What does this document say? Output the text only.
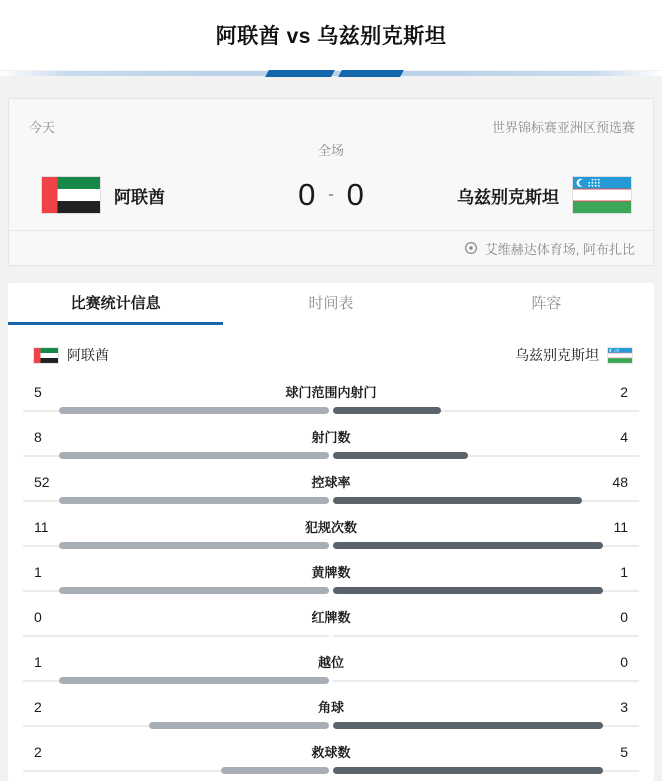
阿联酋 vs 乌兹别克斯坦
今天	世界锦标赛亚洲区预选赛
全场
阿联酋	0 - 0	乌兹别克斯坦
艾维赫达体育场, 阿布扎比
比赛统计信息	时间表	阵容
阿联酋	乌兹别克斯坦
球门范围内射门
5	2
射门数
8	4
控球率
52	48
犯规次数
11	11
黄牌数
1	1
红牌数
0	0
越位
1	0
角球
2	3
救球数
2	5
